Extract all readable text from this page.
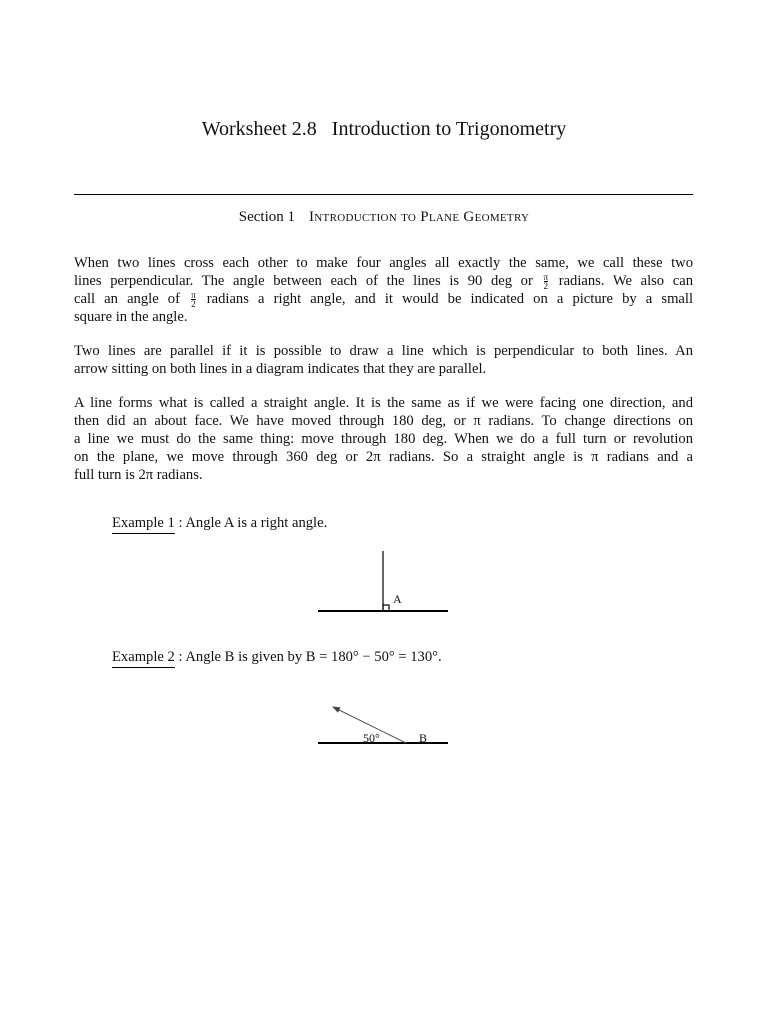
Worksheet 2.8   Introduction to Trigonometry
Section 1 Introduction to Plane Geometry
When two lines cross each other to make four angles all exactly the same, we call these two
lines perpendicular. The angle between each of the lines is 90 deg or $\frac{\pi}{2}$ radians. We also can
call an angle of $\frac{\pi}{2}$ radians a right angle, and it would be indicated on a picture by a small
square in the angle.
Two lines are parallel if it is possible to draw a line which is perpendicular to both lines. An
arrow sitting on both lines in a diagram indicates that they are parallel.
A line forms what is called a straight angle. It is the same as if we were facing one direction, and
then did an about face. We have moved through 180 deg, or π radians. To change directions on
a line we must do the same thing: move through 180 deg. When we do a full turn or revolution
on the plane, we move through 360 deg or 2π radians. So a straight angle is π radians and a
full turn is 2π radians.
Example 1 : Angle A is a right angle.
Example 2 : Angle B is given by B = 180° − 50° = 130°.
A
50°	B
